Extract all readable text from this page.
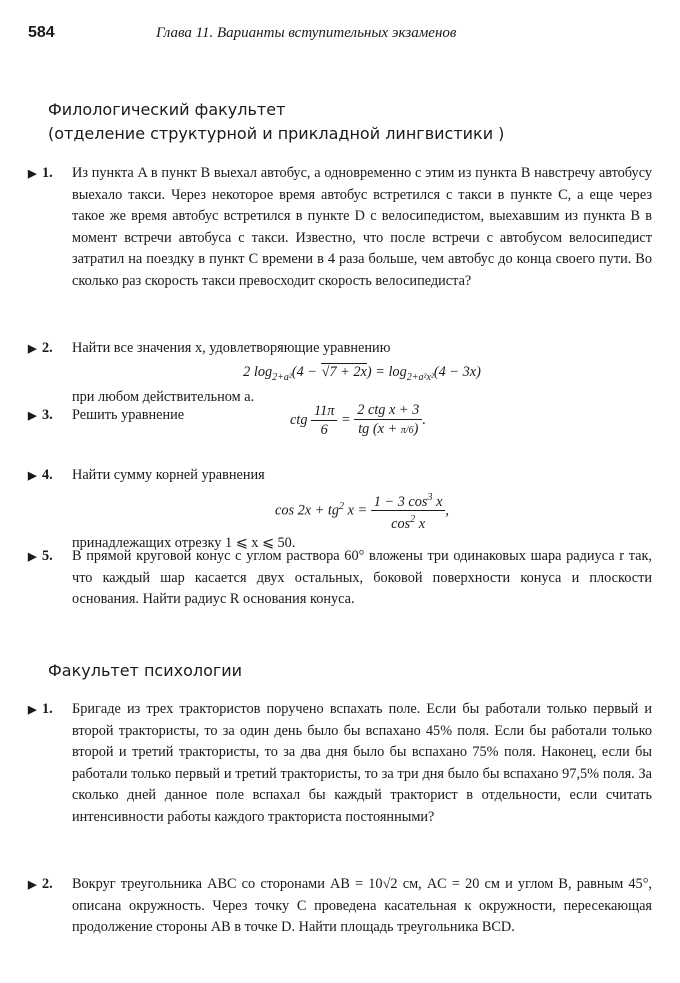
584	Глава 11. Варианты вступительных экзаменов
Филологический факультет
(отделение структурной и прикладной лингвистики )
▶ 1. Из пункта A в пункт B выехал автобус, а одновременно с этим из пункта B навстречу автобусу выехало такси. Через некоторое время автобус встретился с такси в пункте C, а еще через такое же время автобус встретился в пункте D с велосипедистом, выехавшим из пункта B в момент встречи автобуса с такси. Известно, что после встречи с автобусом велосипедист затратил на поездку в пункт C времени в 4 раза больше, чем автобус до конца своего пути. Во сколько раз скорость такси превосходит скорость велосипедиста?
▶ 2. Найти все значения x, удовлетворяющие уравнению
2 $\log_{2+a^2}(4 - √7 + 2x) = \log_{2+a^2x^2}(4 - 3x)$
при любом действительном a.
▶ 3. Решить уравнение	ctg $\frac{11\pi}{6} = \frac{\text{2 ctg x + 3}}{tg (x + \pi/6)}$ .
▶ 4. Найти сумму корней уравнения
$\cos 2x + tg^2$ $x = \frac{1 - 3 \cos^3 x}{\cos^2 x}$ ,
принадлежащих отрезку 1 ⩽ x ⩽ 50.
▶ 5. В прямой круговой конус с углом раствора 60° вложены три одинаковых шара радиуса r так, что каждый шар касается двух остальных, боковой поверхности конуса и плоскости основания. Найти радиус R основания конуса.
Факультет психологии
▶ 1. Бригаде из трех трактористов поручено вспахать поле. Если бы работали только первый и второй трактористы, то за один день было бы вспахано 45% поля. Если бы работали только второй и третий трактористы, то за два дня было бы вспахано 75% поля. Наконец, если бы работали только первый и третий трактористы, то за три дня было бы вспахано 97,5% поля. За сколько дней данное поле вспахал бы каждый тракторист в отдельности, если считать интенсивности работы каждого тракториста постоянными?
▶ 2. Вокруг треугольника ABC со сторонами AB = 10√2 см, AC = 20 см и углом B, равным 45°, описана окружность. Через точку C проведена касательная к окружности, пересекающая продолжение стороны AB в точке D. Найти площадь треугольника BCD.
